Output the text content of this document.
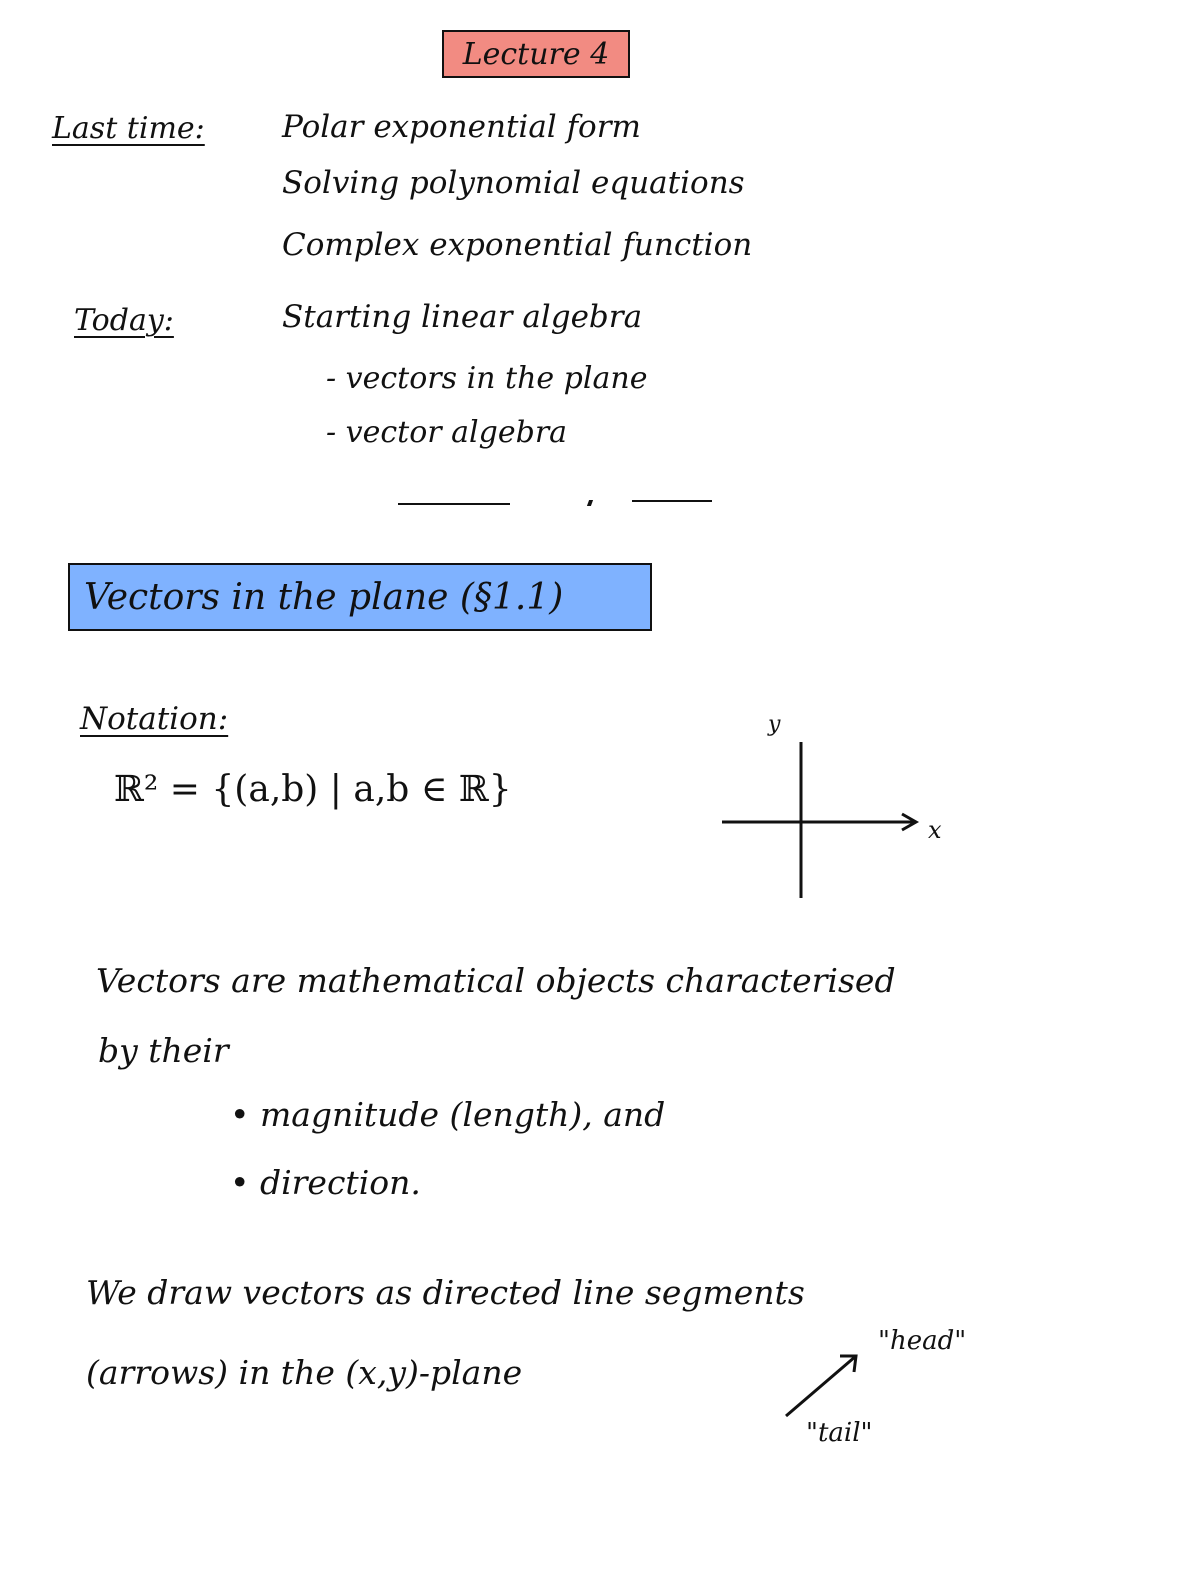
Lecture 4
Last time: Polar exponential form
Solving polynomial equations
Complex exponential function
Today:	Starting linear algebra
- vectors in the plane
- vector algebra
Vectors in the plane (§1.1)
Notation:
ℝ² = {(a,b) | a,b ∈ ℝ}
y
x
Vectors are mathematical objects characterised
by their
• magnitude (length), and
• direction.
We draw vectors as directed line segments
(arrows) in the (x,y)-plane
"head"
"tail"
